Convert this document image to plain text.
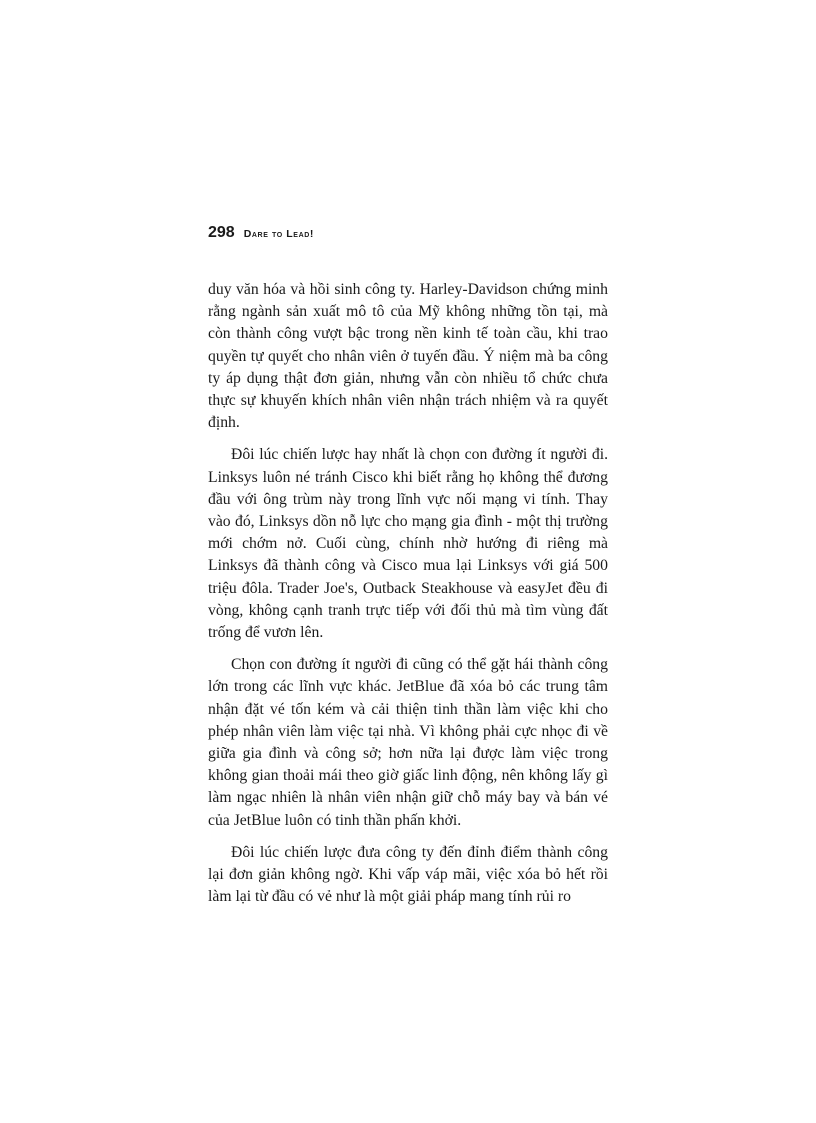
298 Dare to Lead!

duy văn hóa và hồi sinh công ty. Harley-Davidson chứng minh rằng ngành sản xuất mô tô của Mỹ không những tồn tại, mà còn thành công vượt bậc trong nền kinh tế toàn cầu, khi trao quyền tự quyết cho nhân viên ở tuyến đầu. Ý niệm mà ba công ty áp dụng thật đơn giản, nhưng vẫn còn nhiều tổ chức chưa thực sự khuyến khích nhân viên nhận trách nhiệm và ra quyết định.

Đôi lúc chiến lược hay nhất là chọn con đường ít người đi. Linksys luôn né tránh Cisco khi biết rằng họ không thể đương đầu với ông trùm này trong lĩnh vực nối mạng vi tính. Thay vào đó, Linksys dồn nỗ lực cho mạng gia đình - một thị trường mới chớm nở. Cuối cùng, chính nhờ hướng đi riêng mà Linksys đã thành công và Cisco mua lại Linksys với giá 500 triệu đôla. Trader Joe's, Outback Steakhouse và easyJet đều đi vòng, không cạnh tranh trực tiếp với đối thủ mà tìm vùng đất trống để vươn lên.

Chọn con đường ít người đi cũng có thể gặt hái thành công lớn trong các lĩnh vực khác. JetBlue đã xóa bỏ các trung tâm nhận đặt vé tốn kém và cải thiện tinh thần làm việc khi cho phép nhân viên làm việc tại nhà. Vì không phải cực nhọc đi về giữa gia đình và công sở; hơn nữa lại được làm việc trong không gian thoải mái theo giờ giấc linh động, nên không lấy gì làm ngạc nhiên là nhân viên nhận giữ chỗ máy bay và bán vé của JetBlue luôn có tinh thần phấn khởi.

Đôi lúc chiến lược đưa công ty đến đỉnh điểm thành công lại đơn giản không ngờ. Khi vấp váp mãi, việc xóa bỏ hết rồi làm lại từ đầu có vẻ như là một giải pháp mang tính rủi ro
